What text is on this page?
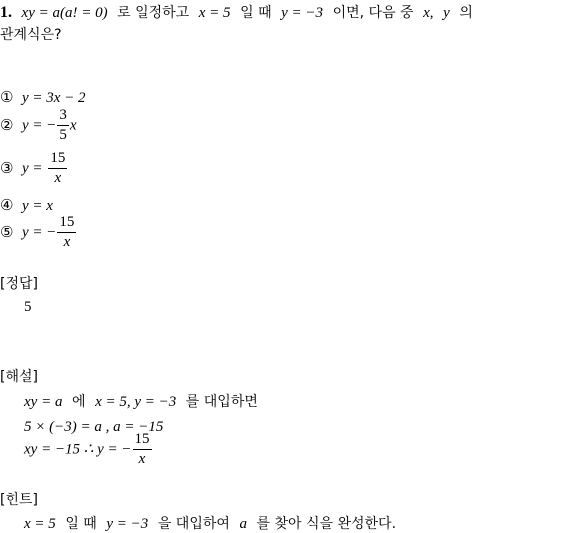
1. xy = a(a! = 0) 로 일정하고 x = 5 일 때 y = −3 이면, 다음 중 x, y 의
관계식은?
① y = 3x − 2
② y = − $\frac{3}{5}$ x
③ $y = \frac{15}{x}$
④ y = x
⑤ y = − $\frac{15}{x}$
[정답]
5
[해설]
xy = a 에 x = 5, y = −3 를 대입하면
5 × (−3) = a , a = −15
xy = −15 ∴ y = − $\frac{15}{x}$
[힌트]
x = 5 일 때 y = −3 을 대입하여 a 를 찾아 식을 완성한다.
